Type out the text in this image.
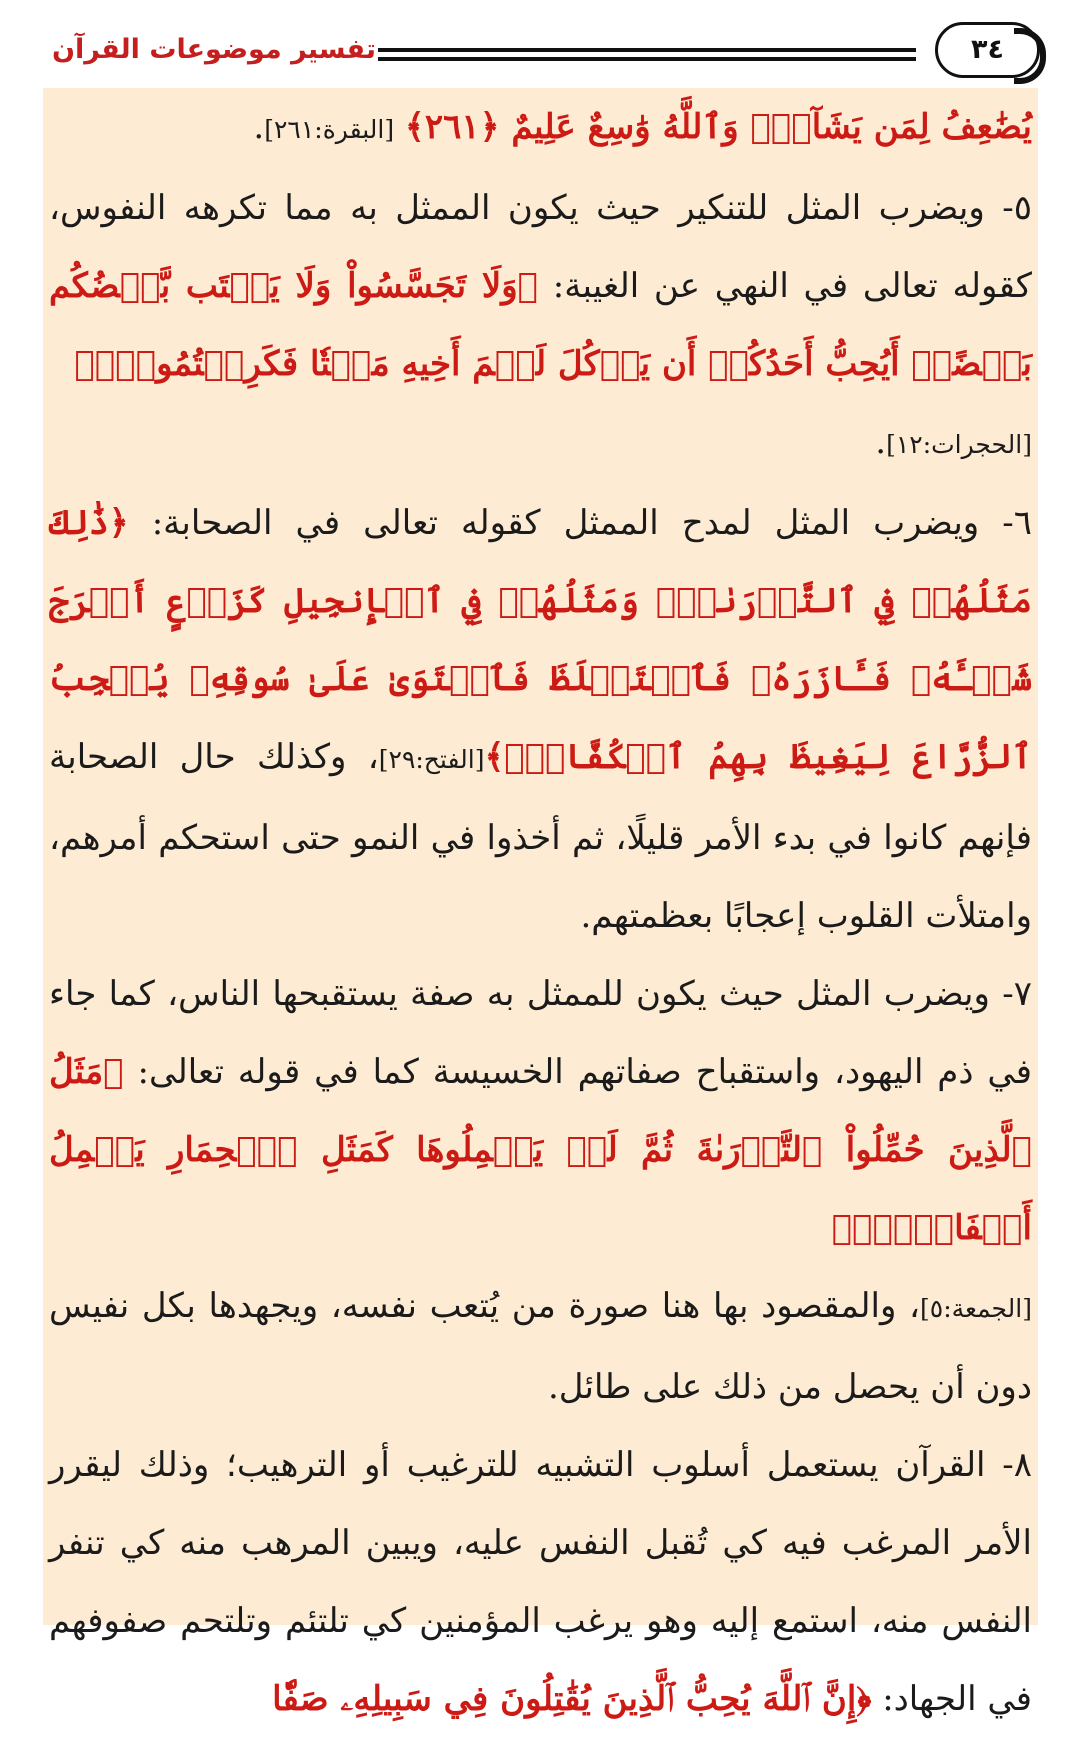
تفسير موضوعات القرآن	٣٤

يُضَٰعِفُ لِمَن يَشَآءُۗ وَٱللَّهُ وَٰسِعٌ عَلِيمٌ ﴿٢٦١﴾ [البقرة:٢٦١].

٥- ويضرب المثل للتنكير حيث يكون الممثل به مما تكرهه النفوس، كقوله تعالى في النهي عن الغيبة: ﴿وَلَا تَجَسَّسُواْ وَلَا يَغۡتَب بَّعۡضُكُم بَعۡضًاۚ أَيُحِبُّ أَحَدُكُمۡ أَن يَأۡكُلَ لَحۡمَ أَخِيهِ مَيۡتٗا فَكَرِهۡتُمُوهُۚ﴾
[الحجرات:١٢].

٦- ويضرب المثل لمدح الممثل كقوله تعالى في الصحابة: ﴿ذَٰلِكَ مَثَلُهُمۡ فِي ٱلتَّوۡرَىٰةِۚ وَمَثَلُهُمۡ فِي ٱلۡإِنجِيلِ كَزَرۡعٍ أَخۡرَجَ شَطۡـَٔهُۥ فَـَٔازَرَهُۥ فَٱسۡتَغۡلَظَ فَٱسۡتَوَىٰ عَلَىٰ سُوقِهِۦ يُعۡجِبُ ٱلزُّرَّاعَ لِيَغِيظَ بِهِمُ ٱلۡكُفَّارَۗ﴾[الفتح:٢٩]، وكذلك حال الصحابة فإنهم كانوا في بدء الأمر قليلًا، ثم أخذوا في النمو حتى استحكم أمرهم، وامتلأت القلوب إعجابًا بعظمتهم.

٧- ويضرب المثل حيث يكون للممثل به صفة يستقبحها الناس، كما جاء في ذم اليهود، واستقباح صفاتهم الخسيسة كما في قوله تعالى: ﴿مَثَلُ ٱلَّذِينَ حُمِّلُواْ ٱلتَّوۡرَىٰةَ ثُمَّ لَمۡ يَحۡمِلُوهَا كَمَثَلِ ٱلۡحِمَارِ يَحۡمِلُ أَسۡفَارَۢاۚ﴾
[الجمعة:٥]، والمقصود بها هنا صورة من يُتعب نفسه، ويجهدها بكل نفيس دون أن يحصل من ذلك على طائل.

٨- القرآن يستعمل أسلوب التشبيه للترغيب أو الترهيب؛ وذلك ليقرر الأمر المرغب فيه كي تُقبل النفس عليه، ويبين المرهب منه كي تنفر النفس منه، استمع إليه وهو يرغب المؤمنين كي تلتئم وتلتحم صفوفهم في الجهاد: ﴿إِنَّ ٱللَّهَ يُحِبُّ ٱلَّذِينَ يُقَٰتِلُونَ فِي سَبِيلِهِۦ صَفّٗا
